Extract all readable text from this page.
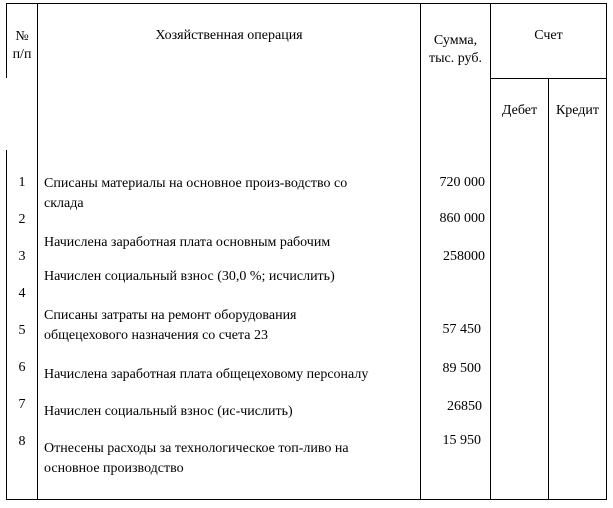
№
п/п
Хозяйственная операция	Сумма,
тыс. руб.
Счет
Дебет	Кредит
1
2
3
4
5
6
7
8
Списаны материалы на основное произ-водство со
склада
Начислена заработная плата основным рабочим
Начислен социальный взнос (30,0 %; исчислить)
Списаны затраты на ремонт оборудования
общецехового назначения со счета 23
Начислена заработная плата общецеховому персоналу
Начислен социальный взнос (ис-числить)
Отнесены расходы за технологическое топ-ливо на
основное производство
720 000
860 000
258000
57 450
89 500
26850
15 950
